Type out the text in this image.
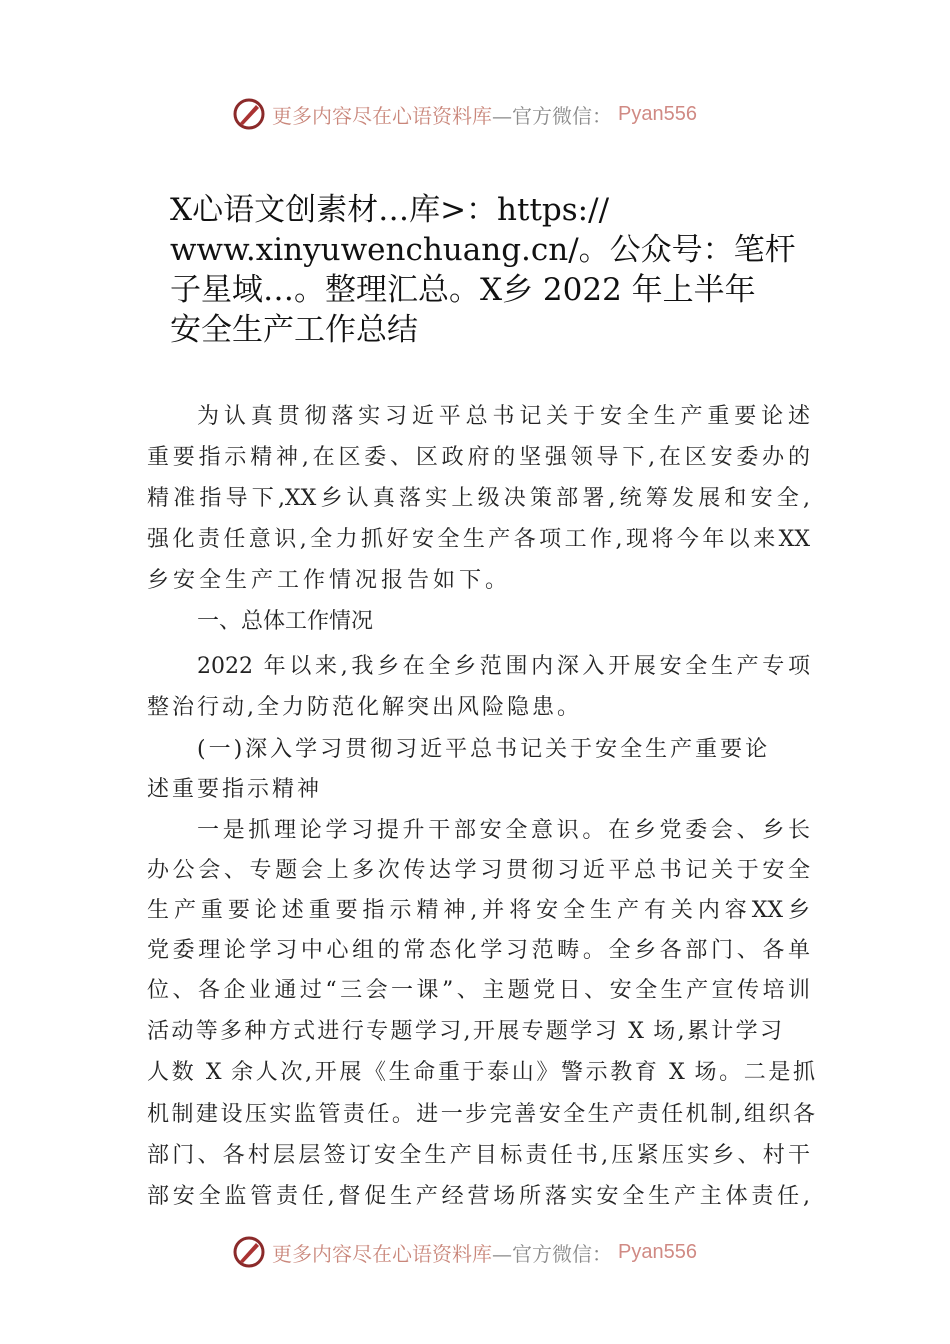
更多内容尽在心语资料库 —官方微信： Pyan556
X心语文创素材…库>：https://
www.xinyuwenchuang.cn/。公众号：笔杆
子星域…。整理汇总。X乡 2022 年上半年
安全生产工作总结
为认真贯彻落实习近平总书记关于安全生产重要论述
重要指示精神,在区委、区政府的坚强领导下,在区安委办的
精准指导下,XX乡认真落实上级决策部署,统筹发展和安全,
强化责任意识,全力抓好安全生产各项工作,现将今年以来XX
乡安全生产工作情况报告如下。
一、总体工作情况
2022 年以来,我乡在全乡范围内深入开展安全生产专项
整治行动,全力防范化解突出风险隐患。
(一)深入学习贯彻习近平总书记关于安全生产重要论
述重要指示精神
一是抓理论学习提升干部安全意识。在乡党委会、乡长
办公会、专题会上多次传达学习贯彻习近平总书记关于安全
生产重要论述重要指示精神,并将安全生产有关内容XX乡
党委理论学习中心组的常态化学习范畴。全乡各部门、各单
位、各企业通过“三会一课”、主题党日、安全生产宣传培训
活动等多种方式进行专题学习,开展专题学习 X 场,累计学习
人数 X 余人次,开展《生命重于泰山》警示教育 X 场。二是抓
机制建设压实监管责任。进一步完善安全生产责任机制,组织各
部门、各村层层签订安全生产目标责任书,压紧压实乡、村干
部安全监管责任,督促生产经营场所落实安全生产主体责任,
更多内容尽在心语资料库 —官方微信： Pyan556
